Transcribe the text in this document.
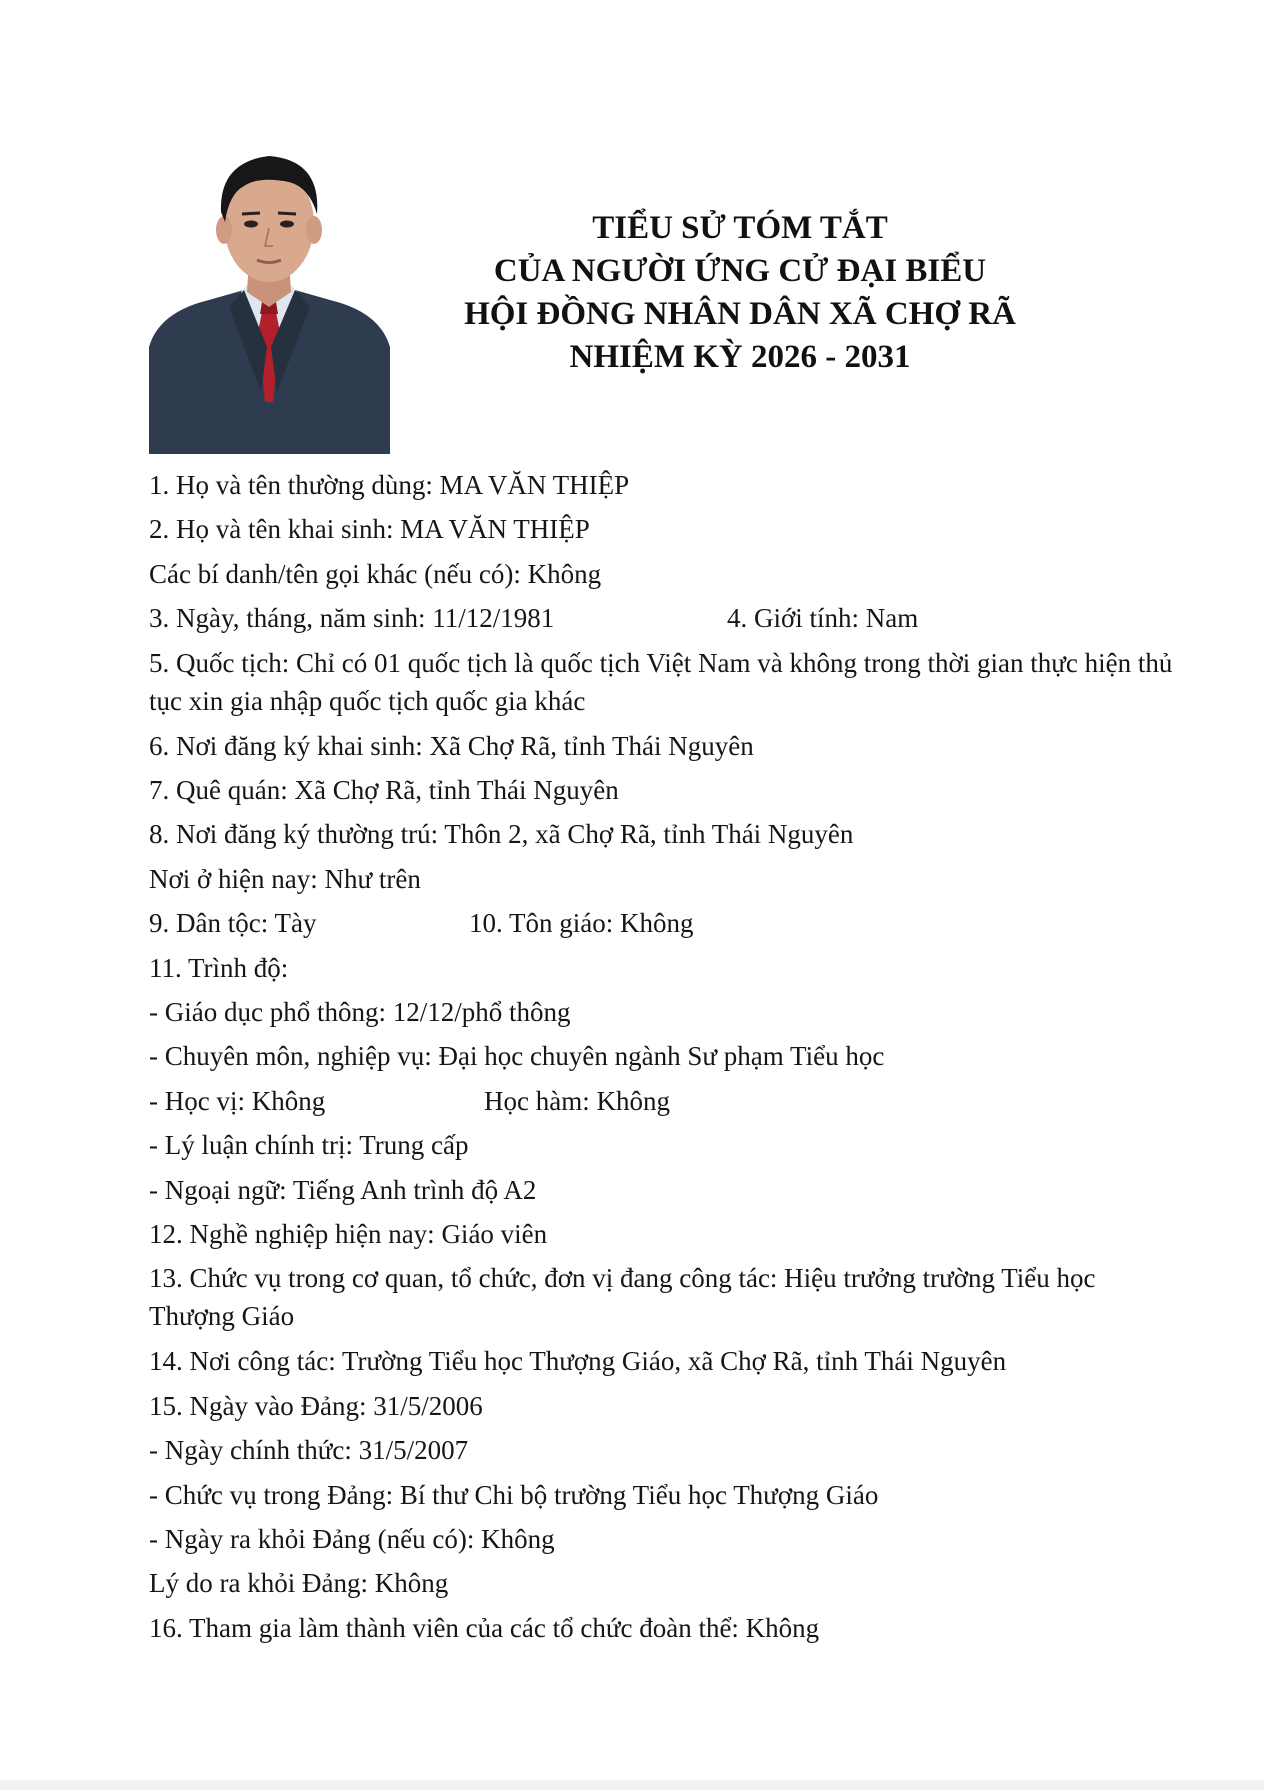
TIỂU SỬ TÓM TẮT
CỦA NGƯỜI ỨNG CỬ ĐẠI BIỂU
HỘI ĐỒNG NHÂN DÂN XÃ CHỢ RÃ
NHIỆM KỲ 2026 - 2031
1. Họ và tên thường dùng: MA VĂN THIỆP
2. Họ và tên khai sinh: MA VĂN THIỆP
Các bí danh/tên gọi khác (nếu có): Không
3. Ngày, tháng, năm sinh: 11/12/1981	4. Giới tính: Nam
5. Quốc tịch: Chỉ có 01 quốc tịch là quốc tịch Việt Nam và không trong thời gian thực hiện thủ tục xin gia nhập quốc tịch quốc gia khác
6. Nơi đăng ký khai sinh: Xã Chợ Rã, tỉnh Thái Nguyên
7. Quê quán: Xã Chợ Rã, tỉnh Thái Nguyên
8. Nơi đăng ký thường trú: Thôn 2, xã Chợ Rã, tỉnh Thái Nguyên
Nơi ở hiện nay: Như trên
9. Dân tộc: Tày	10. Tôn giáo: Không
11. Trình độ:
- Giáo dục phổ thông: 12/12/phổ thông
- Chuyên môn, nghiệp vụ: Đại học chuyên ngành Sư phạm Tiểu học
- Học vị: Không	Học hàm: Không
- Lý luận chính trị: Trung cấp
- Ngoại ngữ: Tiếng Anh trình độ A2
12. Nghề nghiệp hiện nay: Giáo viên
13. Chức vụ trong cơ quan, tổ chức, đơn vị đang công tác: Hiệu trưởng trường Tiểu học Thượng Giáo
14. Nơi công tác: Trường Tiểu học Thượng Giáo, xã Chợ Rã, tỉnh Thái Nguyên
15. Ngày vào Đảng: 31/5/2006
- Ngày chính thức: 31/5/2007
- Chức vụ trong Đảng: Bí thư Chi bộ trường Tiểu học Thượng Giáo
- Ngày ra khỏi Đảng (nếu có): Không
Lý do ra khỏi Đảng: Không
16. Tham gia làm thành viên của các tổ chức đoàn thể: Không
